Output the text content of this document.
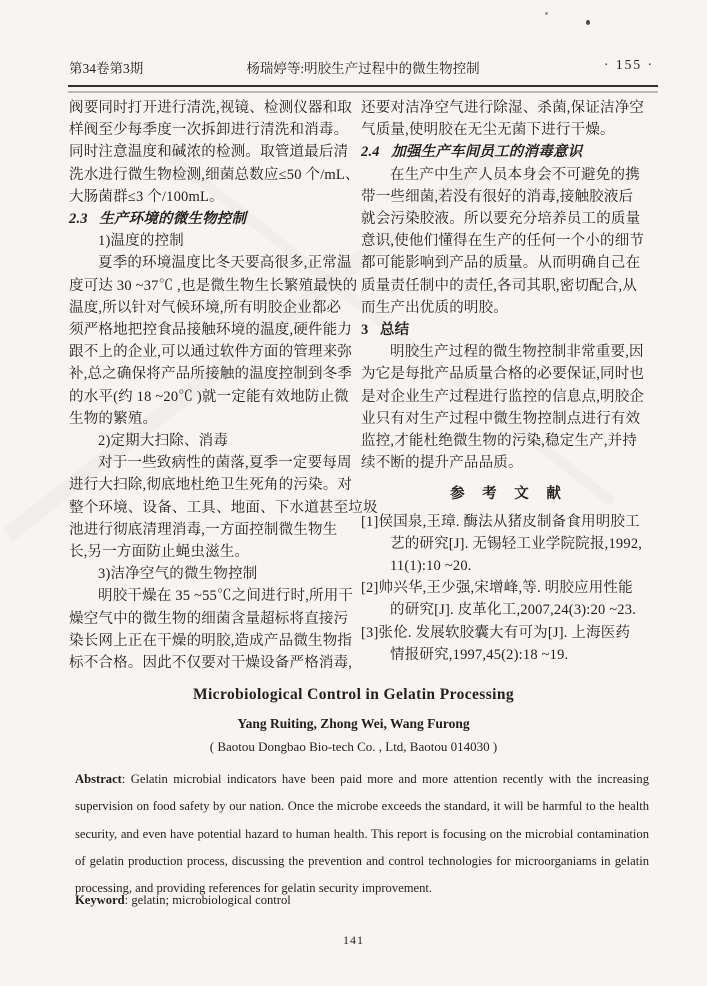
第34卷第3期	杨瑞婷等:明胶生产过程中的微生物控制	· 155 ·
阀要同时打开进行清洗,视镜、检测仪器和取
样阀至少每季度一次拆卸进行清洗和消毒。
同时注意温度和碱浓的检测。取管道最后清
洗水进行微生物检测,细菌总数应≤50 个/mL、
大肠菌群≤3 个/100mL。
2.3   生产环境的微生物控制
1)温度的控制
夏季的环境温度比冬天要高很多,正常温
度可达 30 ~37℃ ,也是微生物生长繁殖最快的
温度,所以针对气候环境,所有明胶企业都必
须严格地把控食品接触环境的温度,硬件能力
跟不上的企业,可以通过软件方面的管理来弥
补,总之确保将产品所接触的温度控制到冬季
的水平(约 18 ~20℃ )就一定能有效地防止微
生物的繁殖。
2)定期大扫除、消毒
对于一些致病性的菌落,夏季一定要每周
进行大扫除,彻底地杜绝卫生死角的污染。对
整个环境、设备、工具、地面、下水道甚至垃圾
池进行彻底清理消毒,一方面控制微生物生
长,另一方面防止蝇虫滋生。
3)洁净空气的微生物控制
明胶干燥在 35 ~55℃之间进行时,所用干
燥空气中的微生物的细菌含量超标将直接污
染长网上正在干燥的明胶,造成产品微生物指
标不合格。因此不仅要对干燥设备严格消毒,
还要对洁净空气进行除湿、杀菌,保证洁净空
气质量,使明胶在无尘无菌下进行干燥。
2.4   加强生产车间员工的消毒意识
在生产中生产人员本身会不可避免的携
带一些细菌,若没有很好的消毒,接触胶液后
就会污染胶液。所以要充分培养员工的质量
意识,使他们懂得在生产的任何一个小的细节
都可能影响到产品的质量。从而明确自己在
质量责任制中的责任,各司其职,密切配合,从
而生产出优质的明胶。
3   总结
明胶生产过程的微生物控制非常重要,因
为它是每批产品质量合格的必要保证,同时也
是对企业生产过程进行监控的信息点,明胶企
业只有对生产过程中微生物控制点进行有效
监控,才能杜绝微生物的污染,稳定生产,并持
续不断的提升产品品质。
参 考 文 献
[1]侯国泉,王璋. 酶法从猪皮制备食用明胶工
艺的研究[J]. 无锡轻工业学院院报,1992,
11(1):10 ~20.
[2]帅兴华,王少强,宋增峰,等. 明胶应用性能
的研究[J]. 皮革化工,2007,24(3):20 ~23.
[3]张伦. 发展软胶囊大有可为[J]. 上海医药
情报研究,1997,45(2):18 ~19.
Microbiological Control in Gelatin Processing
Yang Ruiting, Zhong Wei, Wang Furong
( Baotou Dongbao Bio-tech Co. , Ltd, Baotou 014030 )
Abstract: Gelatin microbial indicators have been paid more and more attention recently with the increasing supervision on food safety by our nation. Once the microbe exceeds the standard, it will be harmful to the health security, and even have potential hazard to human health. This report is focusing on the microbial contamination of gelatin production process, discussing the prevention and control technologies for microorganiams in gelatin processing, and providing references for gelatin security improvement.
Keyword: gelatin; microbiological control
141
